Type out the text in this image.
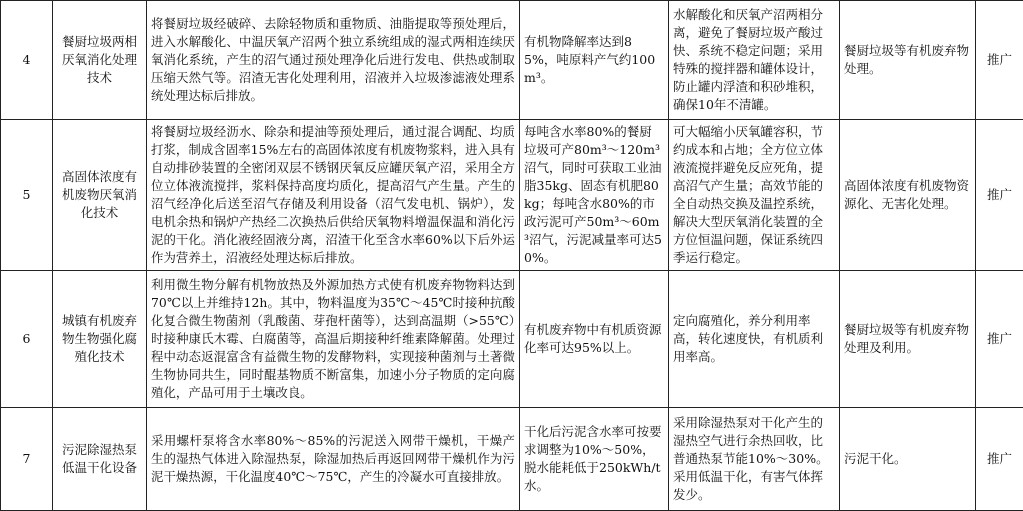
4	餐厨垃圾两相厌氧消化处理技术	将餐厨垃圾经破碎、去除轻物质和重物质、油脂提取等预处理后，进入水解酸化、中温厌氧产沼两个独立系统组成的湿式两相连续厌氧消化系统，产生的沼气通过预处理净化后进行发电、供热或制取压缩天然气等。沼渣无害化处理利用，沼液并入垃圾渗滤液处理系统处理达标后排放。	有机物降解率达到85%，吨原料产气约100m³。	水解酸化和厌氧产沼两相分离，避免了餐厨垃圾产酸过快、系统不稳定问题；采用特殊的搅拌器和罐体设计，防止罐内浮渣和积砂堆积，确保10年不清罐。	餐厨垃圾等有机废弃物处理。	推广
5	高固体浓度有机废物厌氧消化技术	将餐厨垃圾经沥水、除杂和提油等预处理后，通过混合调配、均质打浆，制成含固率15%左右的高固体浓度有机废物浆料，进入具有自动排砂装置的全密闭双层不锈钢厌氧反应罐厌氧产沼，采用全方位立体液流搅拌，浆料保持高度均质化，提高沼气产生量。产生的沼气经净化后送至沼气存储及利用设备（沼气发电机、锅炉），发电机余热和锅炉产热经二次换热后供给厌氧物料增温保温和消化污泥的干化。消化液经固液分离，沼渣干化至含水率60%以下后外运作为营养土，沼液经处理达标后排放。	每吨含水率80%的餐厨垃圾可产80m³～120m³沼气，同时可获取工业油脂35kg、固态有机肥80kg；每吨含水80%的市政污泥可产50m³～60m³沼气，污泥减量率可达50%。	可大幅缩小厌氧罐容积，节约成本和占地；全方位立体液流搅拌避免反应死角，提高沼气产生量；高效节能的全自动热交换及温控系统，解决大型厌氧消化装置的全方位恒温问题，保证系统四季运行稳定。	高固体浓度有机废物资源化、无害化处理。	推广
6	城镇有机废弃物生物强化腐殖化技术	利用微生物分解有机物放热及外源加热方式使有机废弃物物料达到70℃以上并维持12h。其中，物料温度为35℃～45℃时接种抗酸化复合微生物菌剂（乳酸菌、芽孢杆菌等），达到高温期（>55℃）时接种康氏木霉、白腐菌等，高温后期接种纤维素降解菌。处理过程中动态返混富含有益微生物的发酵物料，实现接种菌剂与土著微生物协同共生，同时醌基物质不断富集，加速小分子物质的定向腐殖化，产品可用于土壤改良。	有机废弃物中有机质资源化率可达95%以上。	定向腐殖化，养分利用率高，转化速度快，有机质利用率高。	餐厨垃圾等有机废弃物处理及利用。	推广
7	污泥除湿热泵低温干化设备	采用螺杆泵将含水率80%～85%的污泥送入网带干燥机，干燥产生的湿热气体进入除湿热泵，除湿加热后再返回网带干燥机作为污泥干燥热源，干化温度40℃～75℃，产生的冷凝水可直接排放。	干化后污泥含水率可按要求调整为10%～50%，脱水能耗低于250kWh/t水。	采用除湿热泵对干化产生的湿热空气进行余热回收，比普通热泵节能10%～30%。采用低温干化，有害气体挥发少。	污泥干化。	推广
